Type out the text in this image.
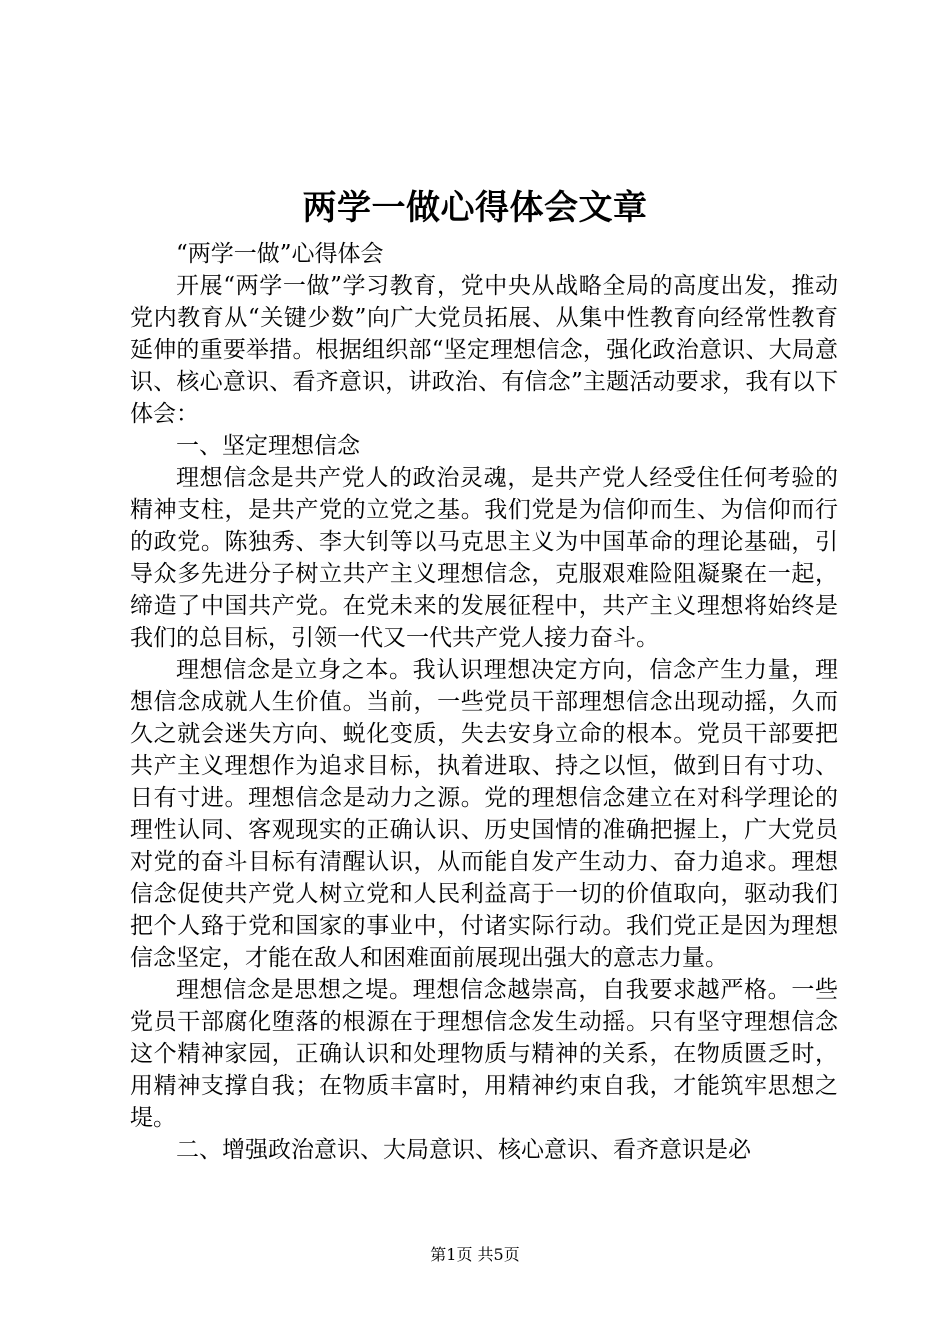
两学一做心得体会文章

“两学一做”心得体会

开展“两学一做”学习教育，党中央从战略全局的高度出发，推动党内教育从“关键少数”向广大党员拓展、从集中性教育向经常性教育延伸的重要举措。根据组织部“坚定理想信念，强化政治意识、大局意识、核心意识、看齐意识，讲政治、有信念”主题活动要求，我有以下体会：

一、坚定理想信念

理想信念是共产党人的政治灵魂，是共产党人经受住任何考验的精神支柱，是共产党的立党之基。我们党是为信仰而生、为信仰而行的政党。陈独秀、李大钊等以马克思主义为中国革命的理论基础，引导众多先进分子树立共产主义理想信念，克服艰难险阻凝聚在一起，缔造了中国共产党。在党未来的发展征程中，共产主义理想将始终是我们的总目标，引领一代又一代共产党人接力奋斗。

理想信念是立身之本。我认识理想决定方向，信念产生力量，理想信念成就人生价值。当前，一些党员干部理想信念出现动摇，久而久之就会迷失方向、蜕化变质，失去安身立命的根本。党员干部要把共产主义理想作为追求目标，执着进取、持之以恒，做到日有寸功、日有寸进。理想信念是动力之源。党的理想信念建立在对科学理论的理性认同、客观现实的正确认识、历史国情的准确把握上，广大党员对党的奋斗目标有清醒认识，从而能自发产生动力、奋力追求。理想信念促使共产党人树立党和人民利益高于一切的价值取向，驱动我们把个人臵于党和国家的事业中，付诸实际行动。我们党正是因为理想信念坚定，才能在敌人和困难面前展现出强大的意志力量。

理想信念是思想之堤。理想信念越崇高，自我要求越严格。一些党员干部腐化堕落的根源在于理想信念发生动摇。只有坚守理想信念这个精神家园，正确认识和处理物质与精神的关系，在物质匮乏时，用精神支撑自我；在物质丰富时，用精神约束自我，才能筑牢思想之堤。

二、增强政治意识、大局意识、核心意识、看齐意识是必

第1页 共5页
